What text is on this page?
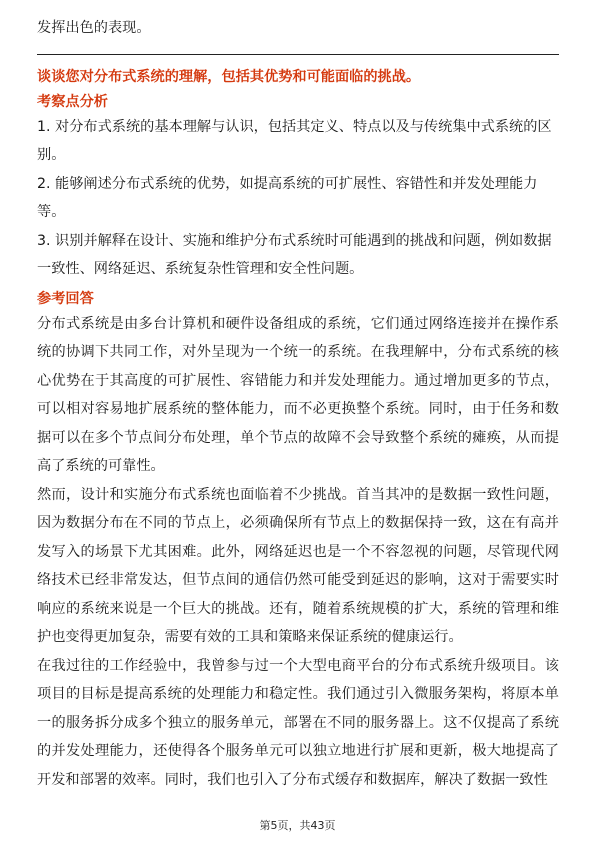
发挥出色的表现。

谈谈您对分布式系统的理解，包括其优势和可能面临的挑战。

考察点分析

1. 对分布式系统的基本理解与认识，包括其定义、特点以及与传统集中式系统的区别。

2. 能够阐述分布式系统的优势，如提高系统的可扩展性、容错性和并发处理能力等。

3. 识别并解释在设计、实施和维护分布式系统时可能遇到的挑战和问题，例如数据一致性、网络延迟、系统复杂性管理和安全性问题。

参考回答

分布式系统是由多台计算机和硬件设备组成的系统，它们通过网络连接并在操作系统的协调下共同工作，对外呈现为一个统一的系统。在我理解中，分布式系统的核心优势在于其高度的可扩展性、容错能力和并发处理能力。通过增加更多的节点，可以相对容易地扩展系统的整体能力，而不必更换整个系统。同时，由于任务和数据可以在多个节点间分布处理，单个节点的故障不会导致整个系统的瘫痪，从而提高了系统的可靠性。

然而，设计和实施分布式系统也面临着不少挑战。首当其冲的是数据一致性问题，因为数据分布在不同的节点上，必须确保所有节点上的数据保持一致，这在有高并发写入的场景下尤其困难。此外，网络延迟也是一个不容忽视的问题，尽管现代网络技术已经非常发达，但节点间的通信仍然可能受到延迟的影响，这对于需要实时响应的系统来说是一个巨大的挑战。还有，随着系统规模的扩大，系统的管理和维护也变得更加复杂，需要有效的工具和策略来保证系统的健康运行。

在我过往的工作经验中，我曾参与过一个大型电商平台的分布式系统升级项目。该项目的目标是提高系统的处理能力和稳定性。我们通过引入微服务架构，将原本单一的服务拆分成多个独立的服务单元，部署在不同的服务器上。这不仅提高了系统的并发处理能力，还使得各个服务单元可以独立地进行扩展和更新，极大地提高了开发和部署的效率。同时，我们也引入了分布式缓存和数据库，解决了数据一致性

第5页，共43页
